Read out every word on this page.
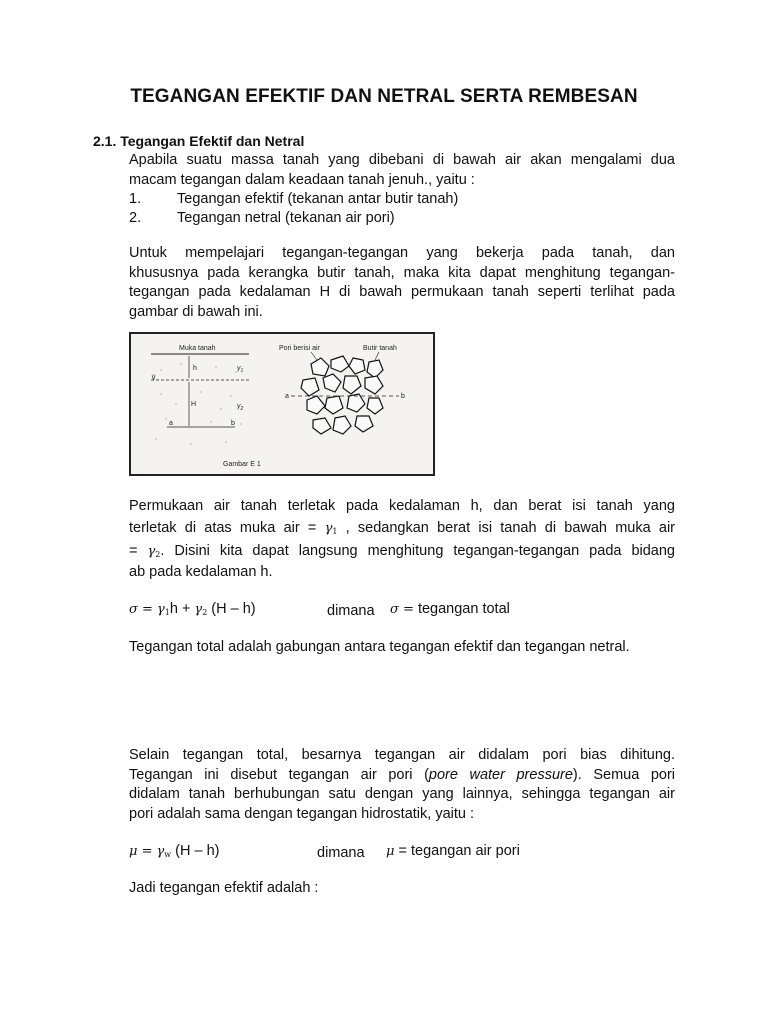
TEGANGAN EFEKTIF DAN NETRAL SERTA REMBESAN
2.1. Tegangan Efektif dan Netral
Apabila suatu massa tanah yang dibebani di bawah air akan mengalami dua
macam tegangan dalam keadaan tanah jenuh., yaitu :
1. Tegangan efektif (tekanan antar butir tanah)
2. Tegangan netral (tekanan air pori)
Untuk mempelajari tegangan-tegangan yang bekerja pada tanah, dan
khususnya pada kerangka butir tanah, maka kita dapat menghitung tegangan-
tegangan pada kedalaman H di bawah permukaan tanah seperti terlihat pada
gambar di bawah ini.
⊽
Muka tanah
h
H
$\gamma_1$
$\gamma_2$
a	b
a	b
Pori berisi air	Butir tanah
Gambar E 1
Permukaan air tanah terletak pada kedalaman h, dan berat isi tanah yang
terletak di atas muka air = $\gamma_1$ , sedangkan berat isi tanah di bawah muka air
= $\gamma_2$. Disini kita dapat langsung menghitung tegangan-tegangan pada bidang
ab pada kedalaman h.
$\sigma = \gamma_1h + \gamma_2$ (H – h)	dimana σ = tegangan total
Tegangan total adalah gabungan antara tegangan efektif dan tegangan netral.
Selain tegangan total, besarnya tegangan air didalam pori bias dihitung.
Tegangan ini disebut tegangan air pori (pore water pressure). Semua pori
didalam tanah berhubungan satu dengan yang lainnya, sehingga tegangan air
pori adalah sama dengan tegangan hidrostatik, yaitu :
$\mu = \gamma_w$ (H – h)	dimana μ = tegangan air pori
Jadi tegangan efektif adalah :
